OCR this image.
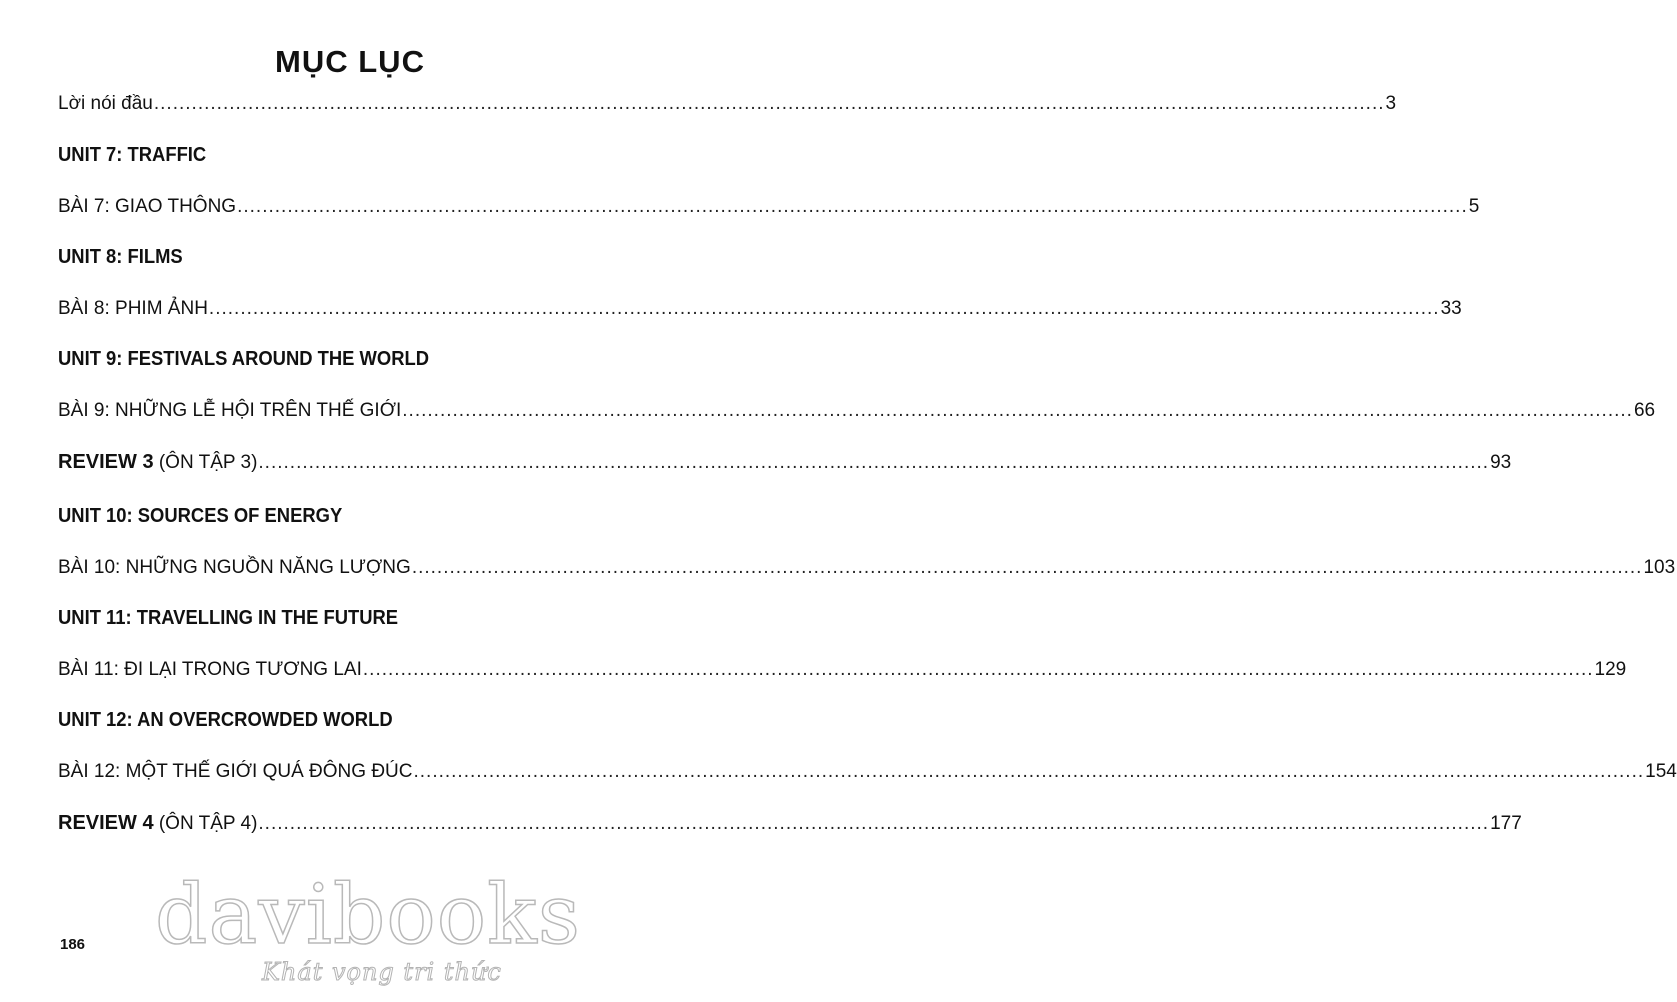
MỤC LỤC
Lời nói đầu .................................................................................................................................................................................................... 3
UNIT 7: TRAFFIC
BÀI 7: GIAO THÔNG .................................................................................................................................................................................................... 5
UNIT 8: FILMS
BÀI 8: PHIM ẢNH .................................................................................................................................................................................................... 33
UNIT 9: FESTIVALS AROUND THE WORLD
BÀI 9: NHỮNG LỄ HỘI TRÊN THẾ GIỚI .................................................................................................................................................................................................... 66
REVIEW 3 (ÔN TẬP 3) .................................................................................................................................................................................................... 93
UNIT 10: SOURCES OF ENERGY
BÀI 10: NHỮNG NGUỒN NĂNG LƯỢNG .................................................................................................................................................................................................... 103
UNIT 11: TRAVELLING IN THE FUTURE
BÀI 11: ĐI LẠI TRONG TƯƠNG LAI .................................................................................................................................................................................................... 129
UNIT 12: AN OVERCROWDED WORLD
BÀI 12: MỘT THẾ GIỚI QUÁ ĐÔNG ĐÚC .................................................................................................................................................................................................... 154
REVIEW 4 (ÔN TẬP 4) .................................................................................................................................................................................................... 177
davibooks
Khát vọng tri thức
186
